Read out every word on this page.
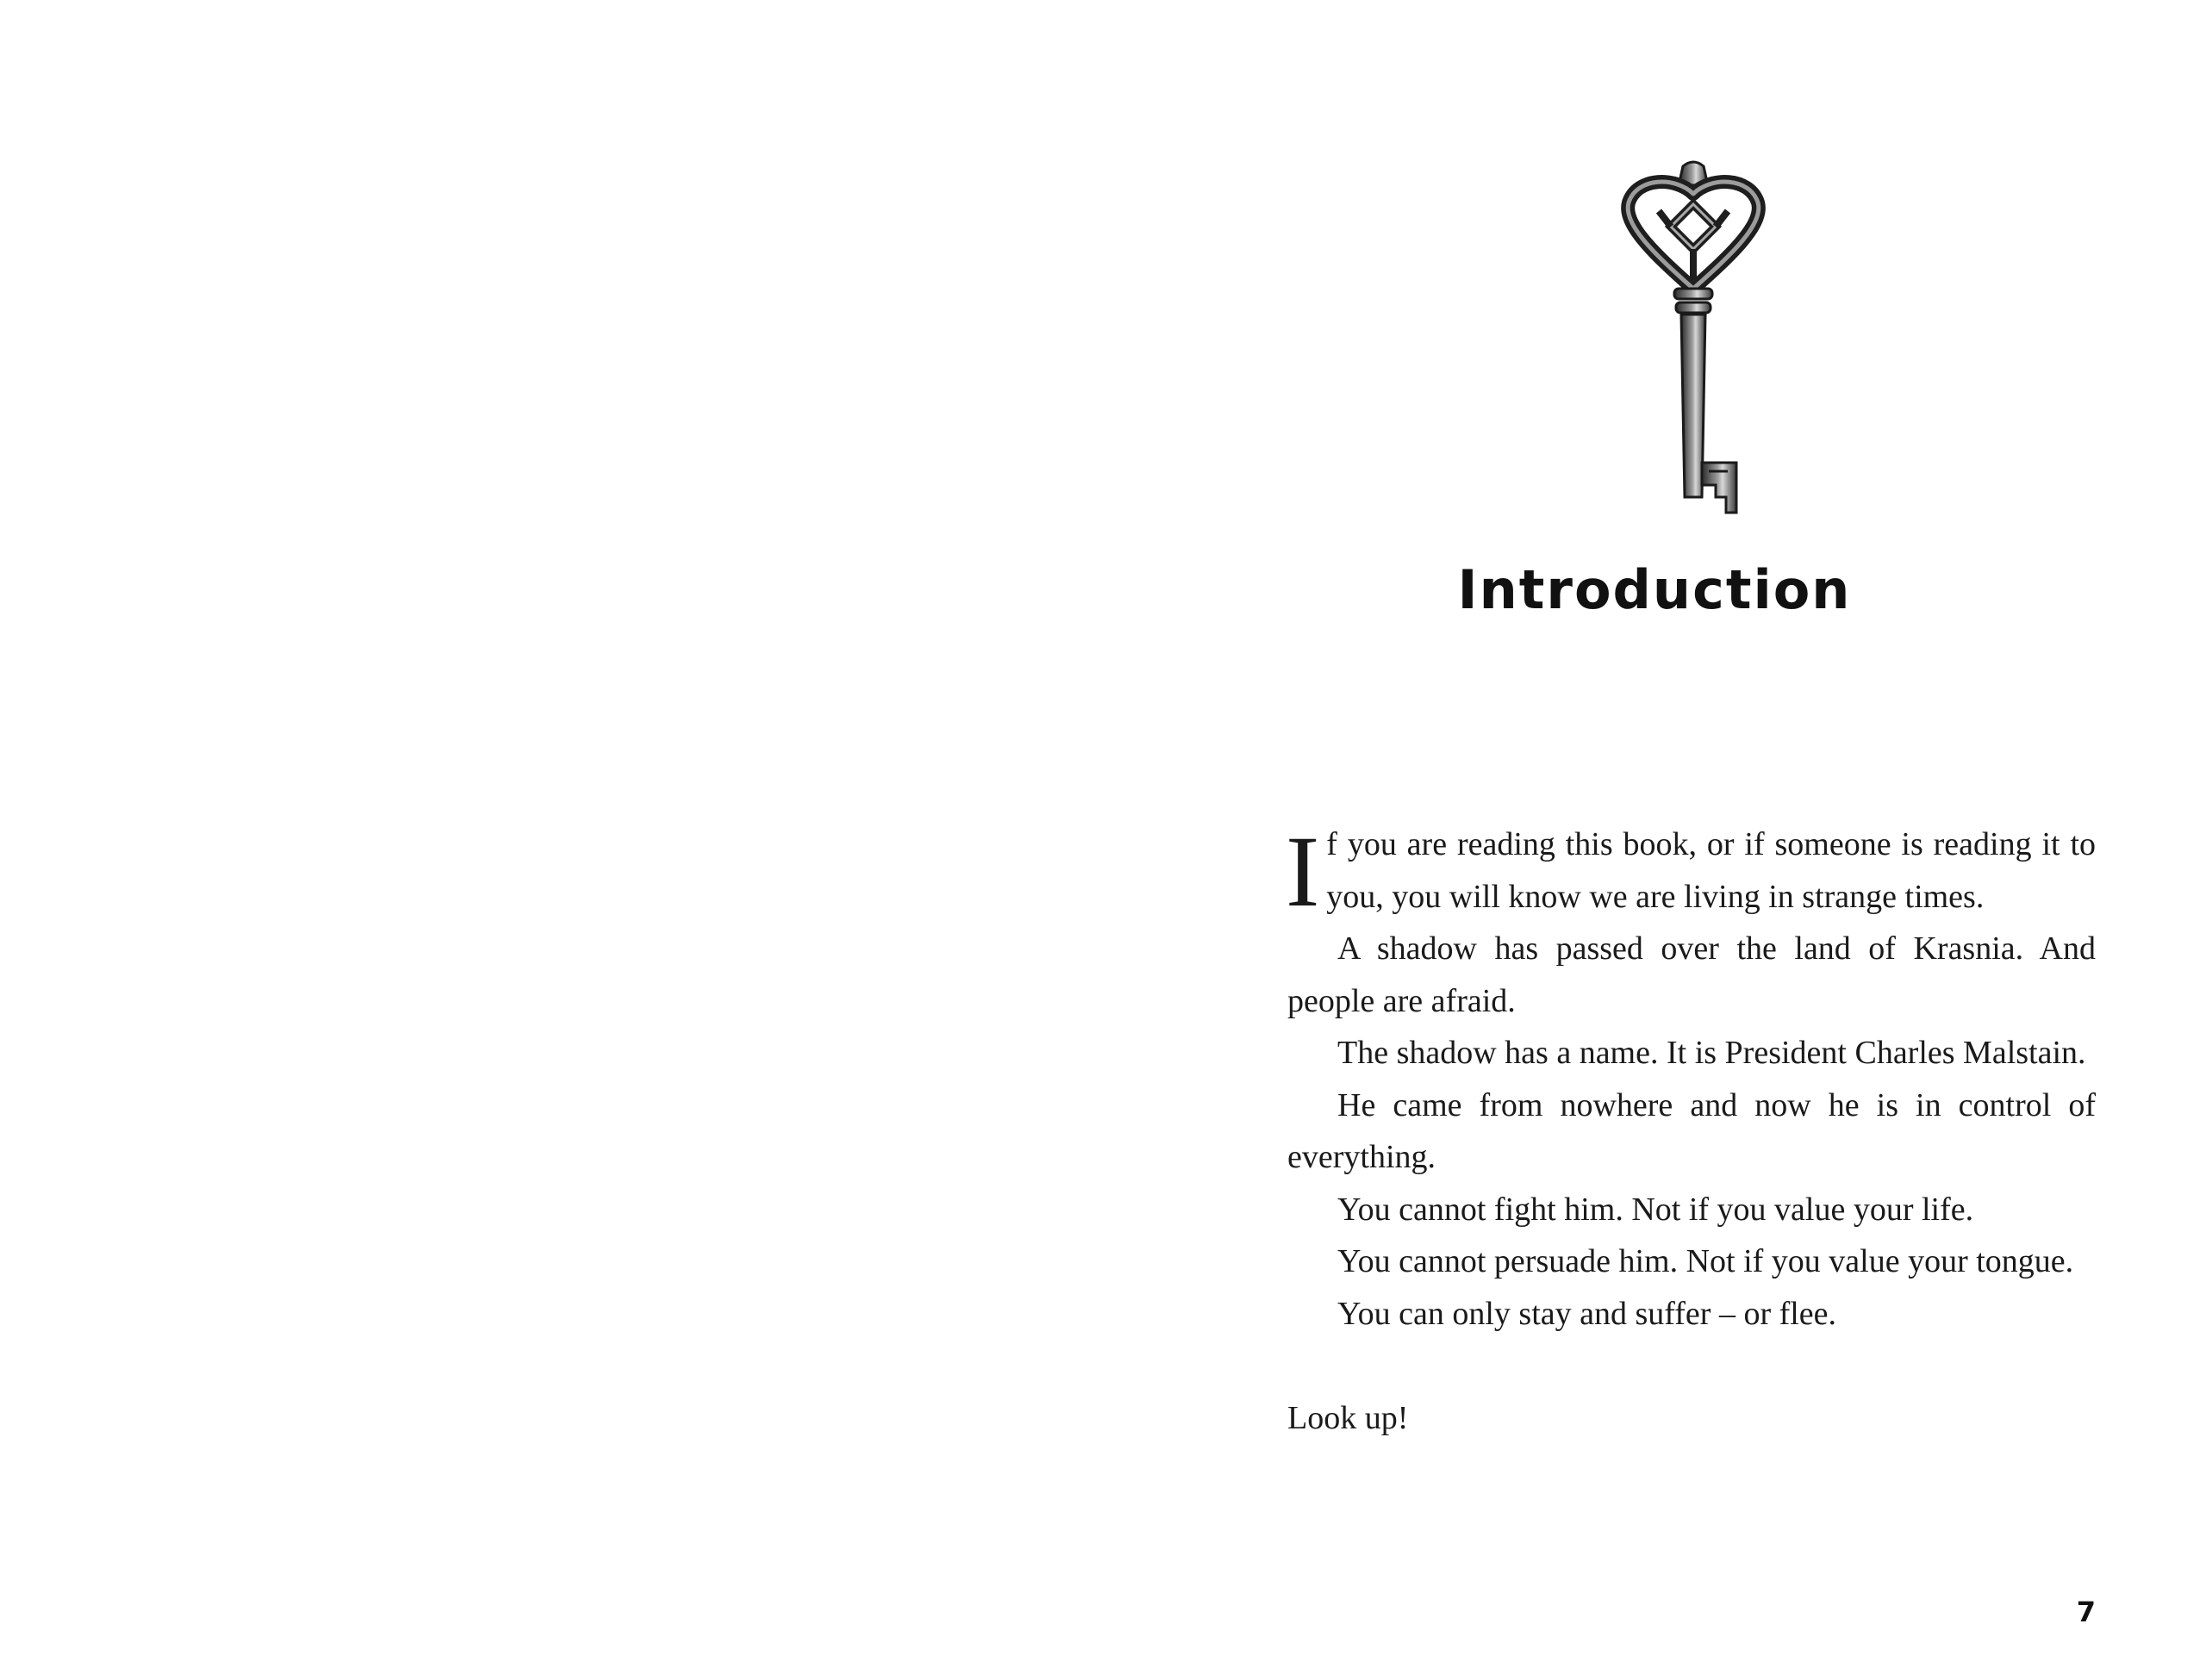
Introduction

If you are reading this book, or if someone is reading it to you, you will know we are living in strange times.

A shadow has passed over the land of Krasnia. And people are afraid.

The shadow has a name. It is President Charles Malstain.

He came from nowhere and now he is in control of everything.

You cannot fight him. Not if you value your life.

You cannot persuade him. Not if you value your tongue.

You can only stay and suffer – or flee.

Look up!

7
